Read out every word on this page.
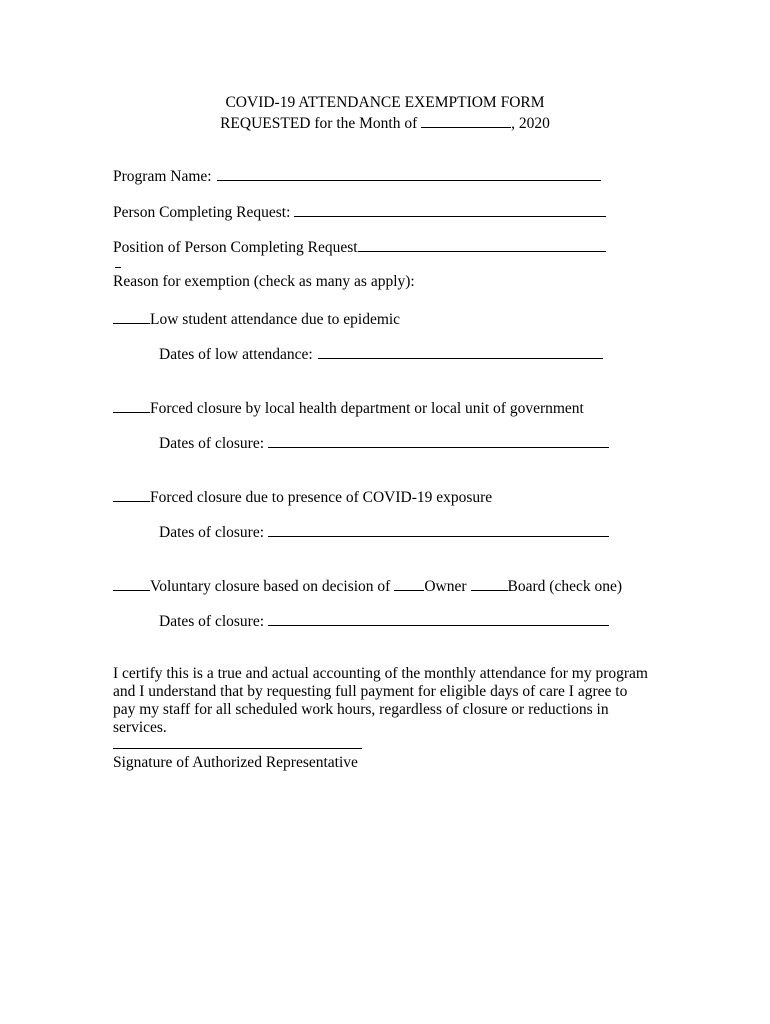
COVID-19 ATTENDANCE EXEMPTIOM FORM
REQUESTED for the Month of	, 2020
Program Name:
Person Completing Request:
Position of Person Completing Request
Reason for exemption (check as many as apply):
Low student attendance due to epidemic
Dates of low attendance:
Forced closure by local health department or local unit of government
Dates of closure:
Forced closure due to presence of COVID-19 exposure
Dates of closure:
Voluntary closure based on decision of Owner	Board (check one)
Dates of closure:
I certify this is a true and actual accounting of the monthly attendance for my program and I understand that by requesting full payment for eligible days of care I agree to pay my staff for all scheduled work hours, regardless of closure or reductions in services.
Signature of Authorized Representative
